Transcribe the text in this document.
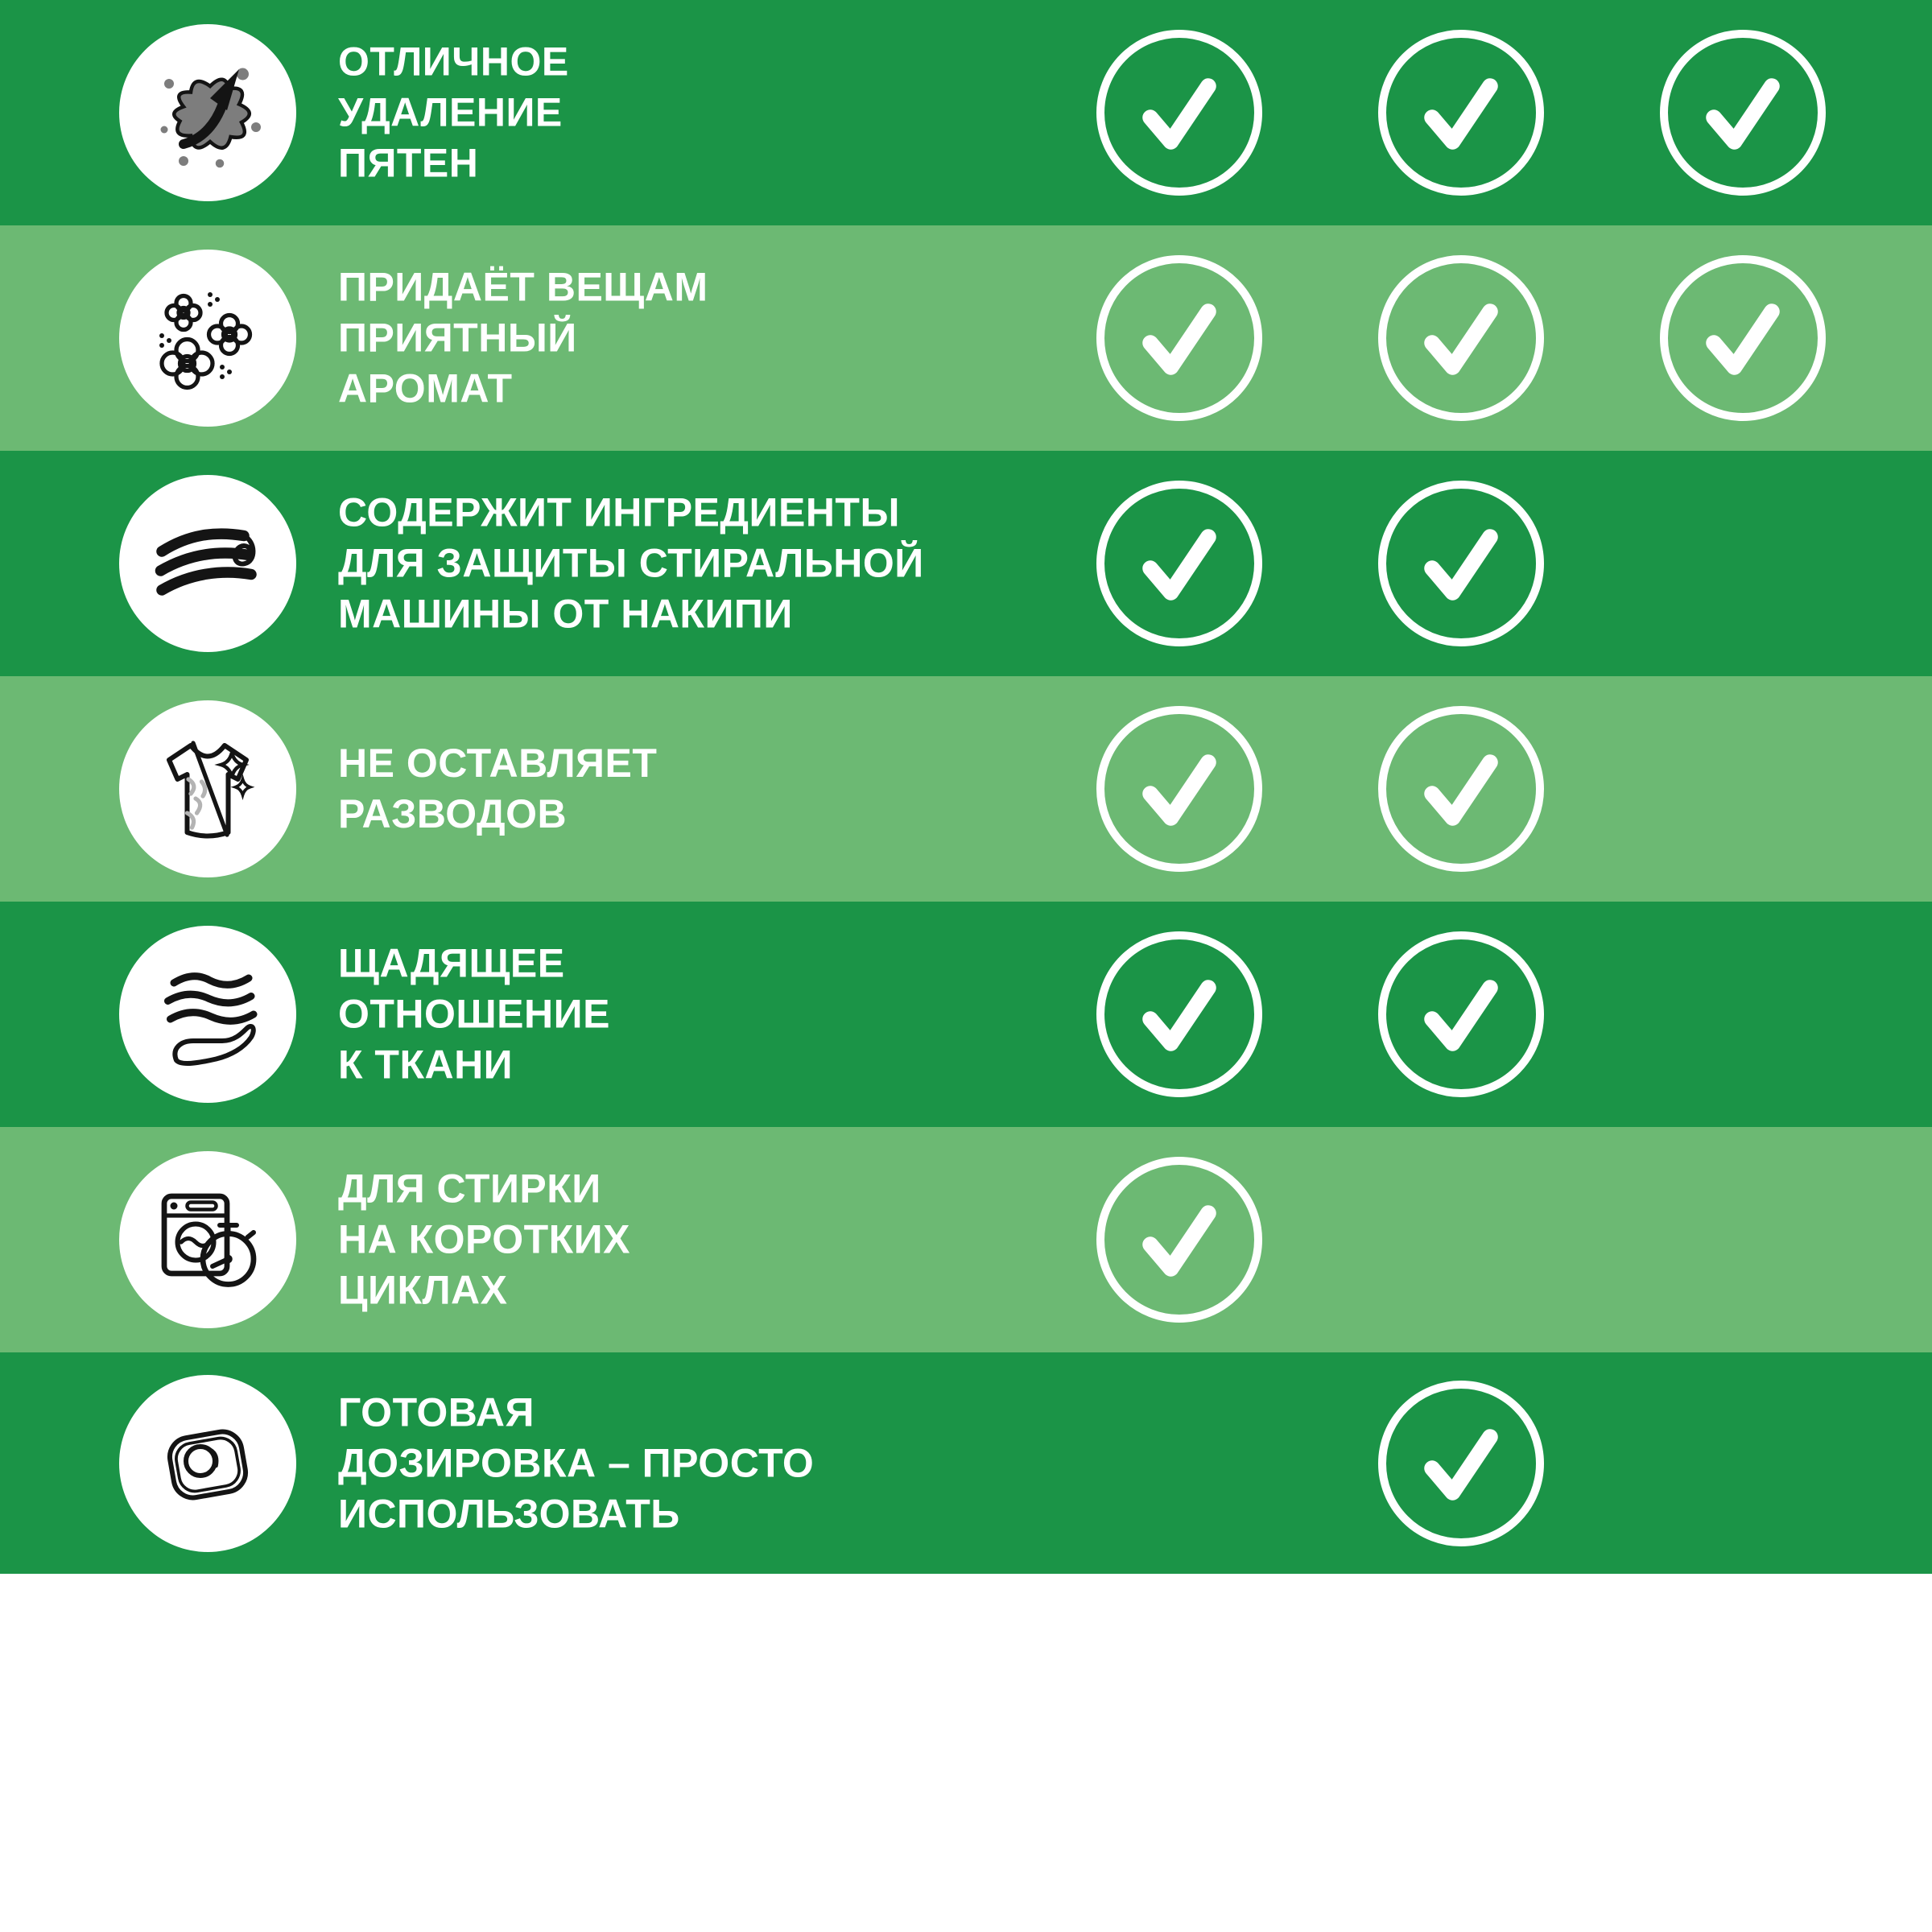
ОТЛИЧНОЕ
УДАЛЕНИЕ
ПЯТЕН
ПРИДАЁТ ВЕЩАМ
ПРИЯТНЫЙ
АРОМАТ
СОДЕРЖИТ ИНГРЕДИЕНТЫ
ДЛЯ ЗАЩИТЫ СТИРАЛЬНОЙ
МАШИНЫ ОТ НАКИПИ
НЕ ОСТАВЛЯЕТ
РАЗВОДОВ
ЩАДЯЩЕЕ
ОТНОШЕНИЕ
К ТКАНИ
ДЛЯ СТИРКИ
НА КОРОТКИХ
ЦИКЛАХ
ГОТОВАЯ
ДОЗИРОВКА – ПРОСТО
ИСПОЛЬЗОВАТЬ
